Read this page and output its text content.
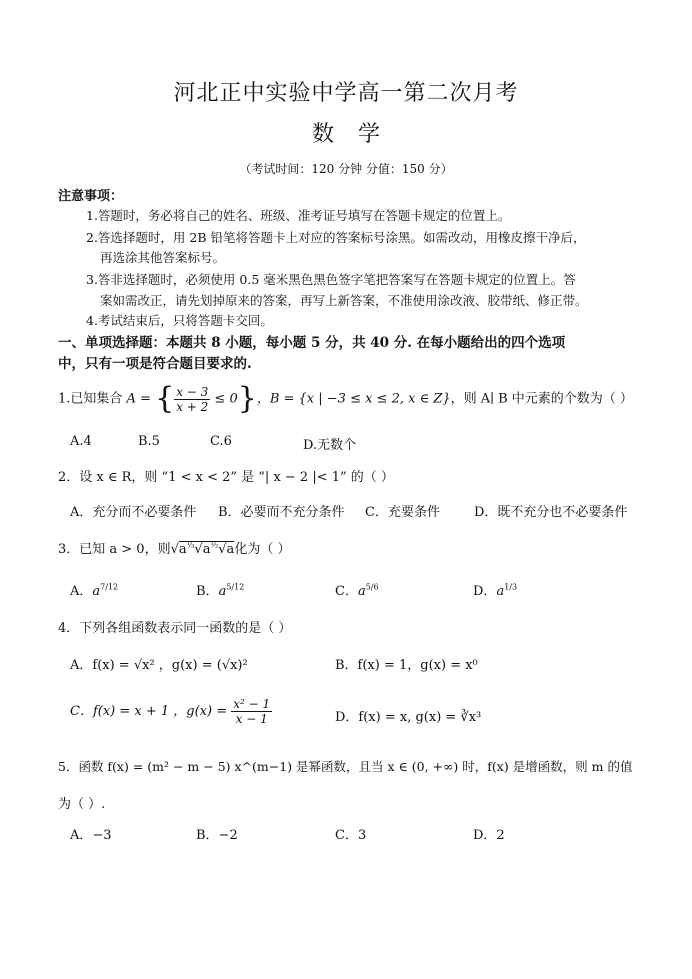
河北正中实验中学高一第二次月考
数学
（考试时间：120 分钟 分值：150 分）
注意事项：
1.答题时，务必将自己的姓名、班级、准考证号填写在答题卡规定的位置上。
2.答选择题时，用 2B 铅笔将答题卡上对应的答案标号涂黑。如需改动，用橡皮擦干净后，
再选涂其他答案标号。
3.答非选择题时，必须使用 0.5 毫米黑色黑色签字笔把答案写在答题卡规定的位置上。答
案如需改正，请先划掉原来的答案，再写上新答案，不准使用涂改液、胶带纸、修正带。
4.考试结束后，只将答题卡交回。
一、单项选择题：本题共 8 小题，每小题 5 分，共 40 分. 在每小题给出的四个选项
中，只有一项是符合题目要求的.
1.已知集合 A = { $\frac{x - 3}{x + 2} \le 0$}，B = {x | −3 ≤ x ≤ 2, x ∈ Z}，则 A∣ B 中元素的个数为（ ）
A.4	B.5	C.6	D.无数个
2．设 x ∈ R，则 “1 < x < 2” 是 “| x − 2 |< 1” 的（ ）
A．充分而不必要条件 B．必要而不充分条件 C．充要条件	D．既不充分也不必要条件
3．已知 a > 0，则$√a^{\frac{1}{3}}√a^{\frac{1}{2}}√a$化为（ ）
A．$a^{7/12}$	B．$a^{5/12}$	C．$a^{5/6}$	D．$a^{1/3}$
4．下列各组函数表示同一函数的是（ ）
A．f(x) = √x² ，g(x) = (√x)²	B．f(x) = 1，g(x) = x⁰
C．f(x) = x + 1 ，$g(x) = \frac{\text{x² − 1}}{x - 1}$	D．f(x) = x, g(x) = ∛x³
5．函数 f(x) = (m² − m − 5) x^(m−1) 是幂函数，且当 x ∈ (0, +∞) 时，f(x) 是增函数，则 m 的值
为（ ）.
A．−3	B．−2	C．3	D．2
